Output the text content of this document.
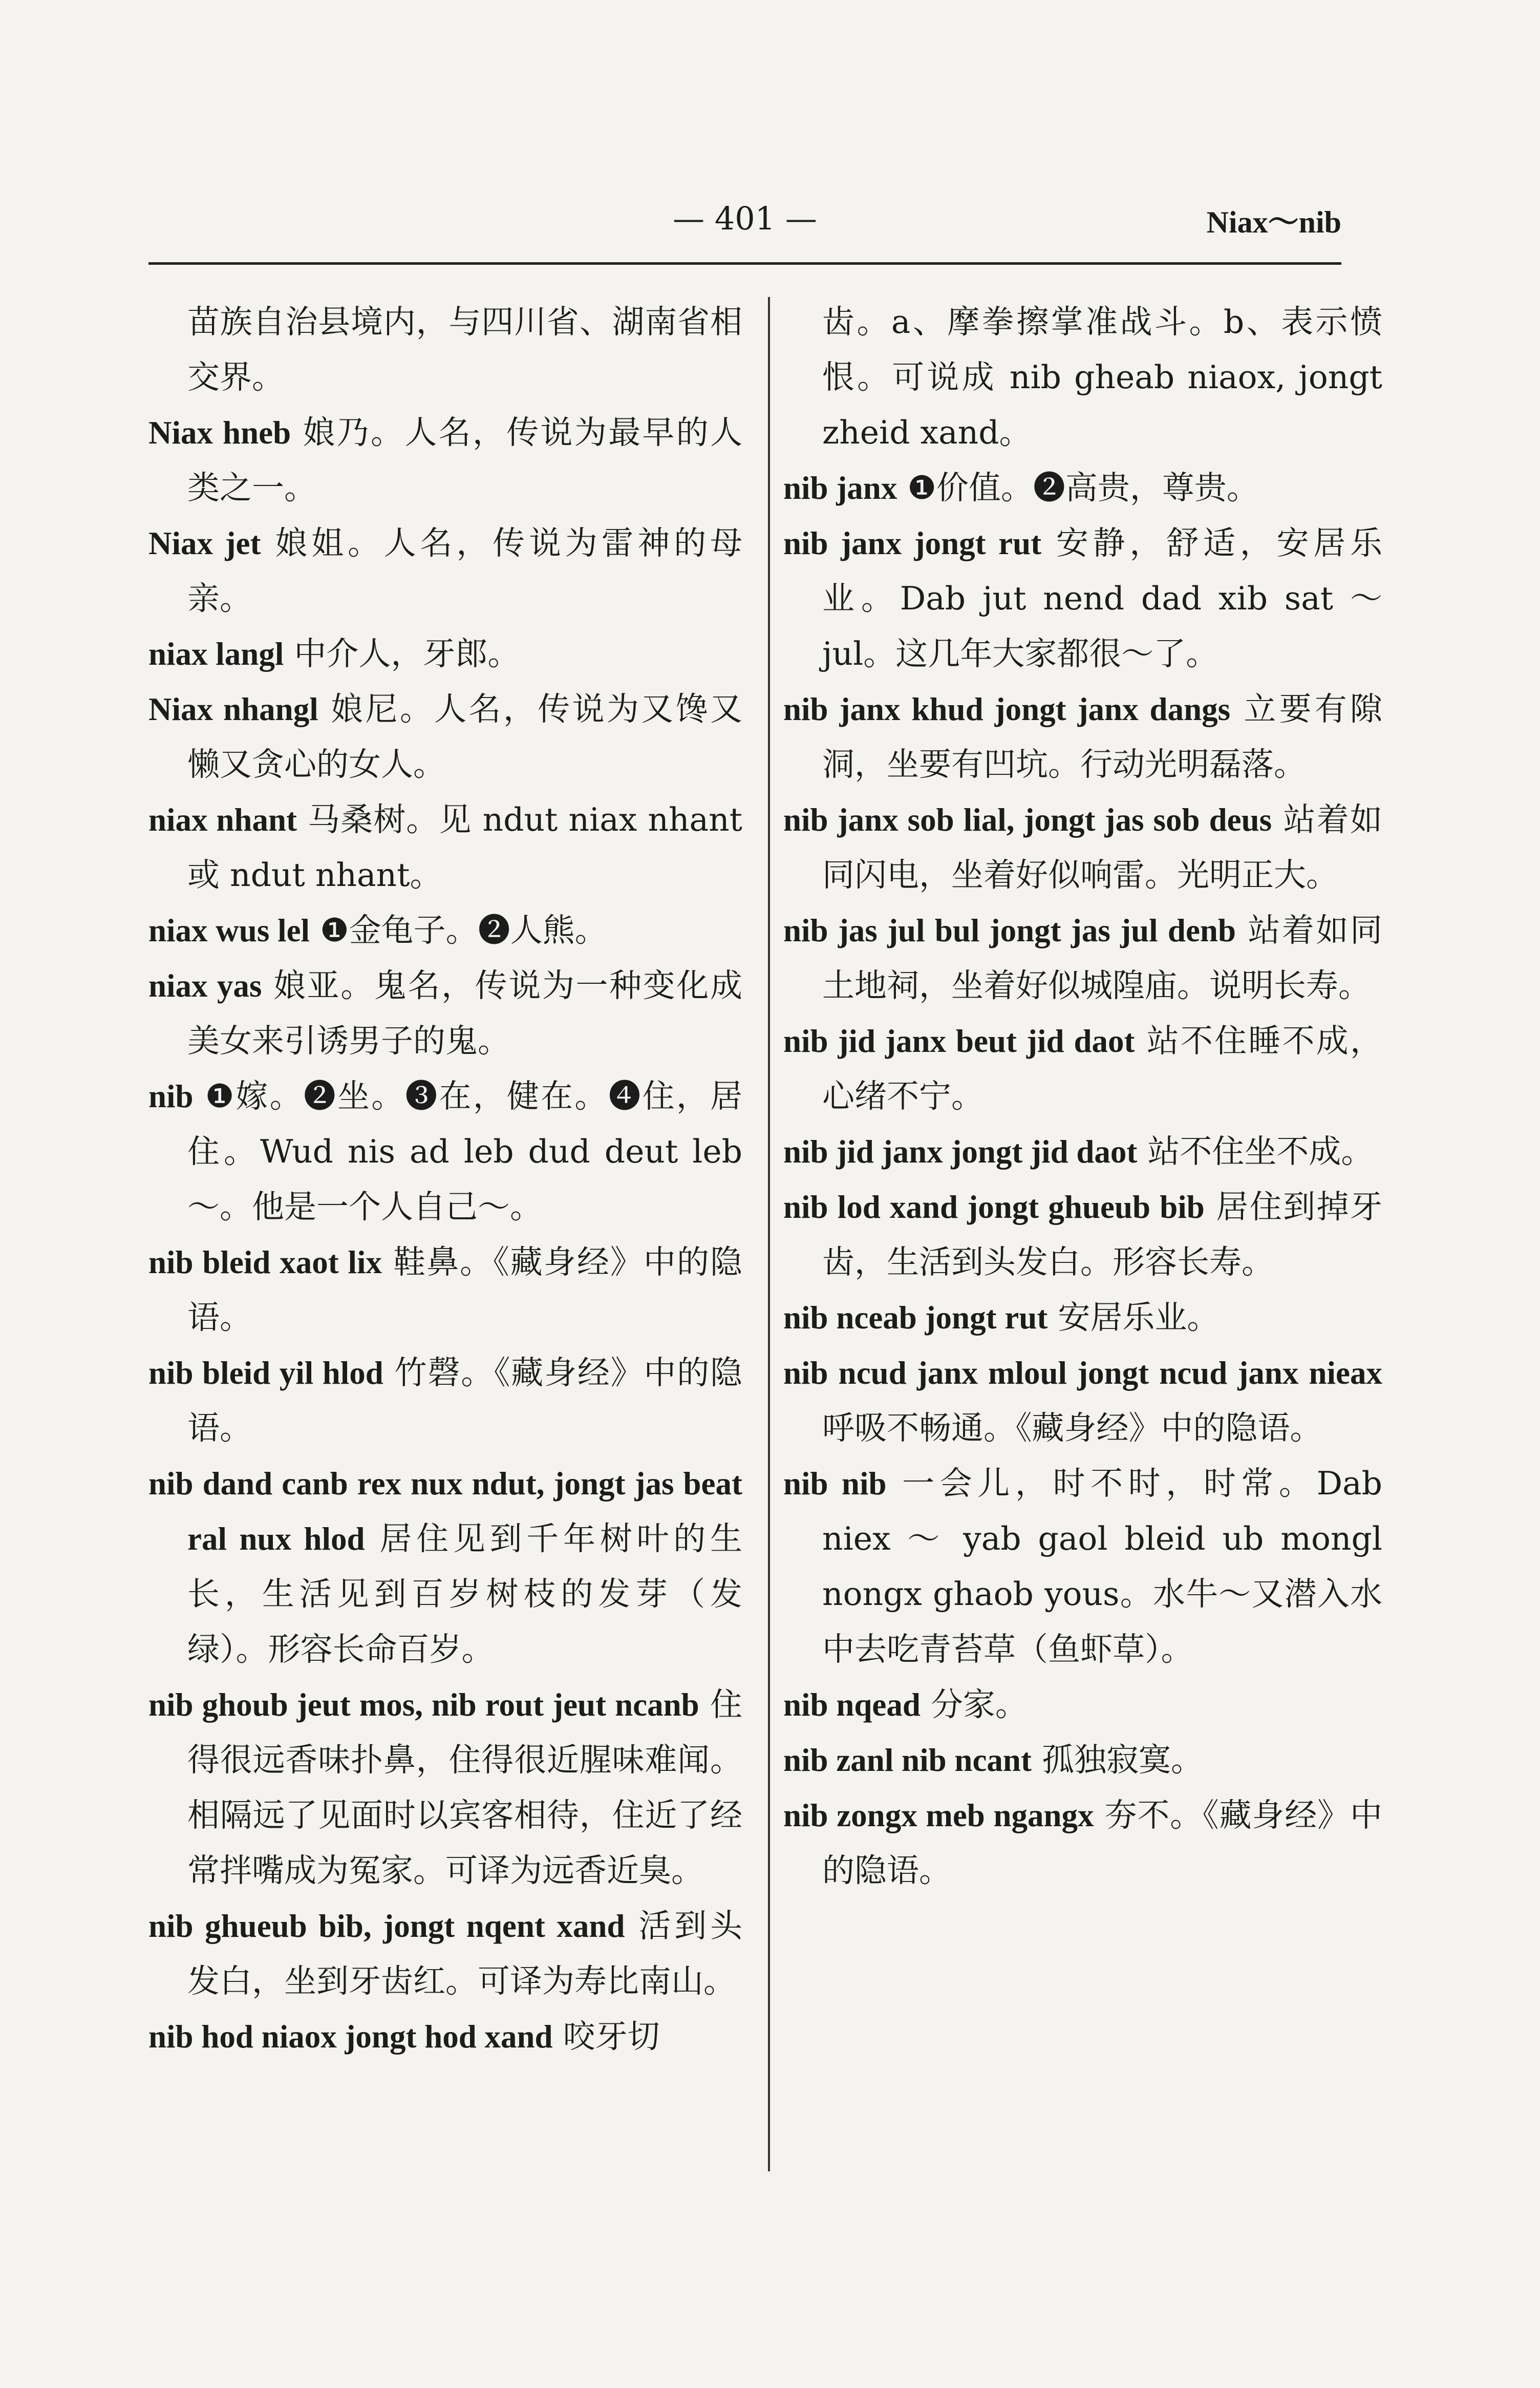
— 401 —	Niax～nib
苗族自治县境内，与四川省、湖南省相交界。
Niax hneb 娘乃。人名，传说为最早的人类之一。
Niax jet 娘姐。人名，传说为雷神的母亲。
niax langl 中介人，牙郎。
Niax nhangl 娘尼。人名，传说为又馋又懒又贪心的女人。
niax nhant 马桑树。见 ndut niax nhant 或 ndut nhant。
niax wus lel ❶金龟子。❷人熊。
niax yas 娘亚。鬼名，传说为一种变化成美女来引诱男子的鬼。
nib ❶嫁。❷坐。❸在，健在。❹住，居住。Wud nis ad leb dud deut leb ～。他是一个人自己～。
nib bleid xaot lix 鞋鼻。《藏身经》中的隐语。
nib bleid yil hlod 竹磬。《藏身经》中的隐语。
nib dand canb rex nux ndut, jongt jas beat ral nux hlod 居住见到千年树叶的生长，生活见到百岁树枝的发芽（发绿）。形容长命百岁。
nib ghoub jeut mos, nib rout jeut ncanb 住得很远香味扑鼻，住得很近腥味难闻。相隔远了见面时以宾客相待，住近了经常拌嘴成为冤家。可译为远香近臭。
nib ghueub bib, jongt nqent xand 活到头发白，坐到牙齿红。可译为寿比南山。
nib hod niaox jongt hod xand 咬牙切
齿。a、摩拳擦掌准战斗。b、表示愤恨。可说成 nib gheab niaox, jongt zheid xand。
nib janx ❶价值。❷高贵，尊贵。
nib janx jongt rut 安静，舒适，安居乐业。Dab jut nend dad xib sat ～ jul。这几年大家都很～了。
nib janx khud jongt janx dangs 立要有隙洞，坐要有凹坑。行动光明磊落。
nib janx sob lial, jongt jas sob deus 站着如同闪电，坐着好似响雷。光明正大。
nib jas jul bul jongt jas jul denb 站着如同土地祠，坐着好似城隍庙。说明长寿。
nib jid janx beut jid daot 站不住睡不成，心绪不宁。
nib jid janx jongt jid daot 站不住坐不成。
nib lod xand jongt ghueub bib 居住到掉牙齿，生活到头发白。形容长寿。
nib nceab jongt rut 安居乐业。
nib ncud janx mloul jongt ncud janx nieax 呼吸不畅通。《藏身经》中的隐语。
nib nib 一会儿，时不时，时常。Dab niex ～ yab gaol bleid ub mongl nongx ghaob yous。水牛～又潜入水中去吃青苔草（鱼虾草）。
nib nqead 分家。
nib zanl nib ncant 孤独寂寞。
nib zongx meb ngangx 夯不。《藏身经》中的隐语。
